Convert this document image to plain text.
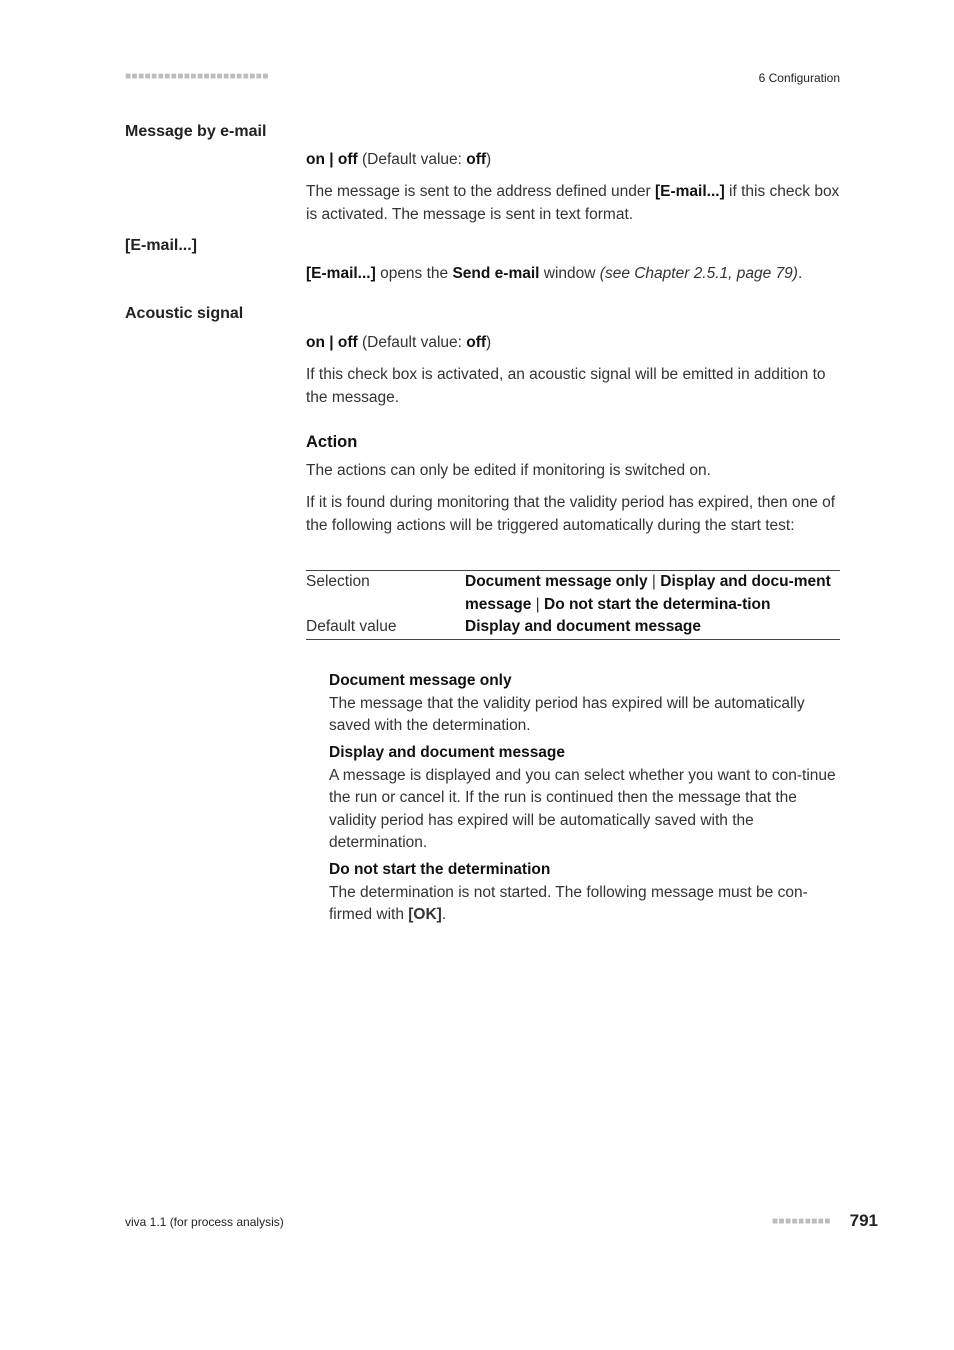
■■■■■■■■■■■■■■■■■■■■■■	6 Configuration
Message by e-mail
on | off (Default value: off)
The message is sent to the address defined under [E-mail...] if this check box is activated. The message is sent in text format.
[E-mail...]
[E-mail...] opens the Send e-mail window (see Chapter 2.5.1, page 79).
Acoustic signal
on | off (Default value: off)
If this check box is activated, an acoustic signal will be emitted in addition to the message.
Action
The actions can only be edited if monitoring is switched on.
If it is found during monitoring that the validity period has expired, then one of the following actions will be triggered automatically during the start test:
Selection	Document message only | Display and docu-ment message | Do not start the determina-tion
Default value	Display and document message
Document message only
The message that the validity period has expired will be automatically saved with the determination.
Display and document message
A message is displayed and you can select whether you want to con-tinue the run or cancel it. If the run is continued then the message that the validity period has expired will be automatically saved with the determination.
Do not start the determination
The determination is not started. The following message must be con-firmed with [OK].
viva 1.1 (for process analysis)	■■■■■■■■■ 791
